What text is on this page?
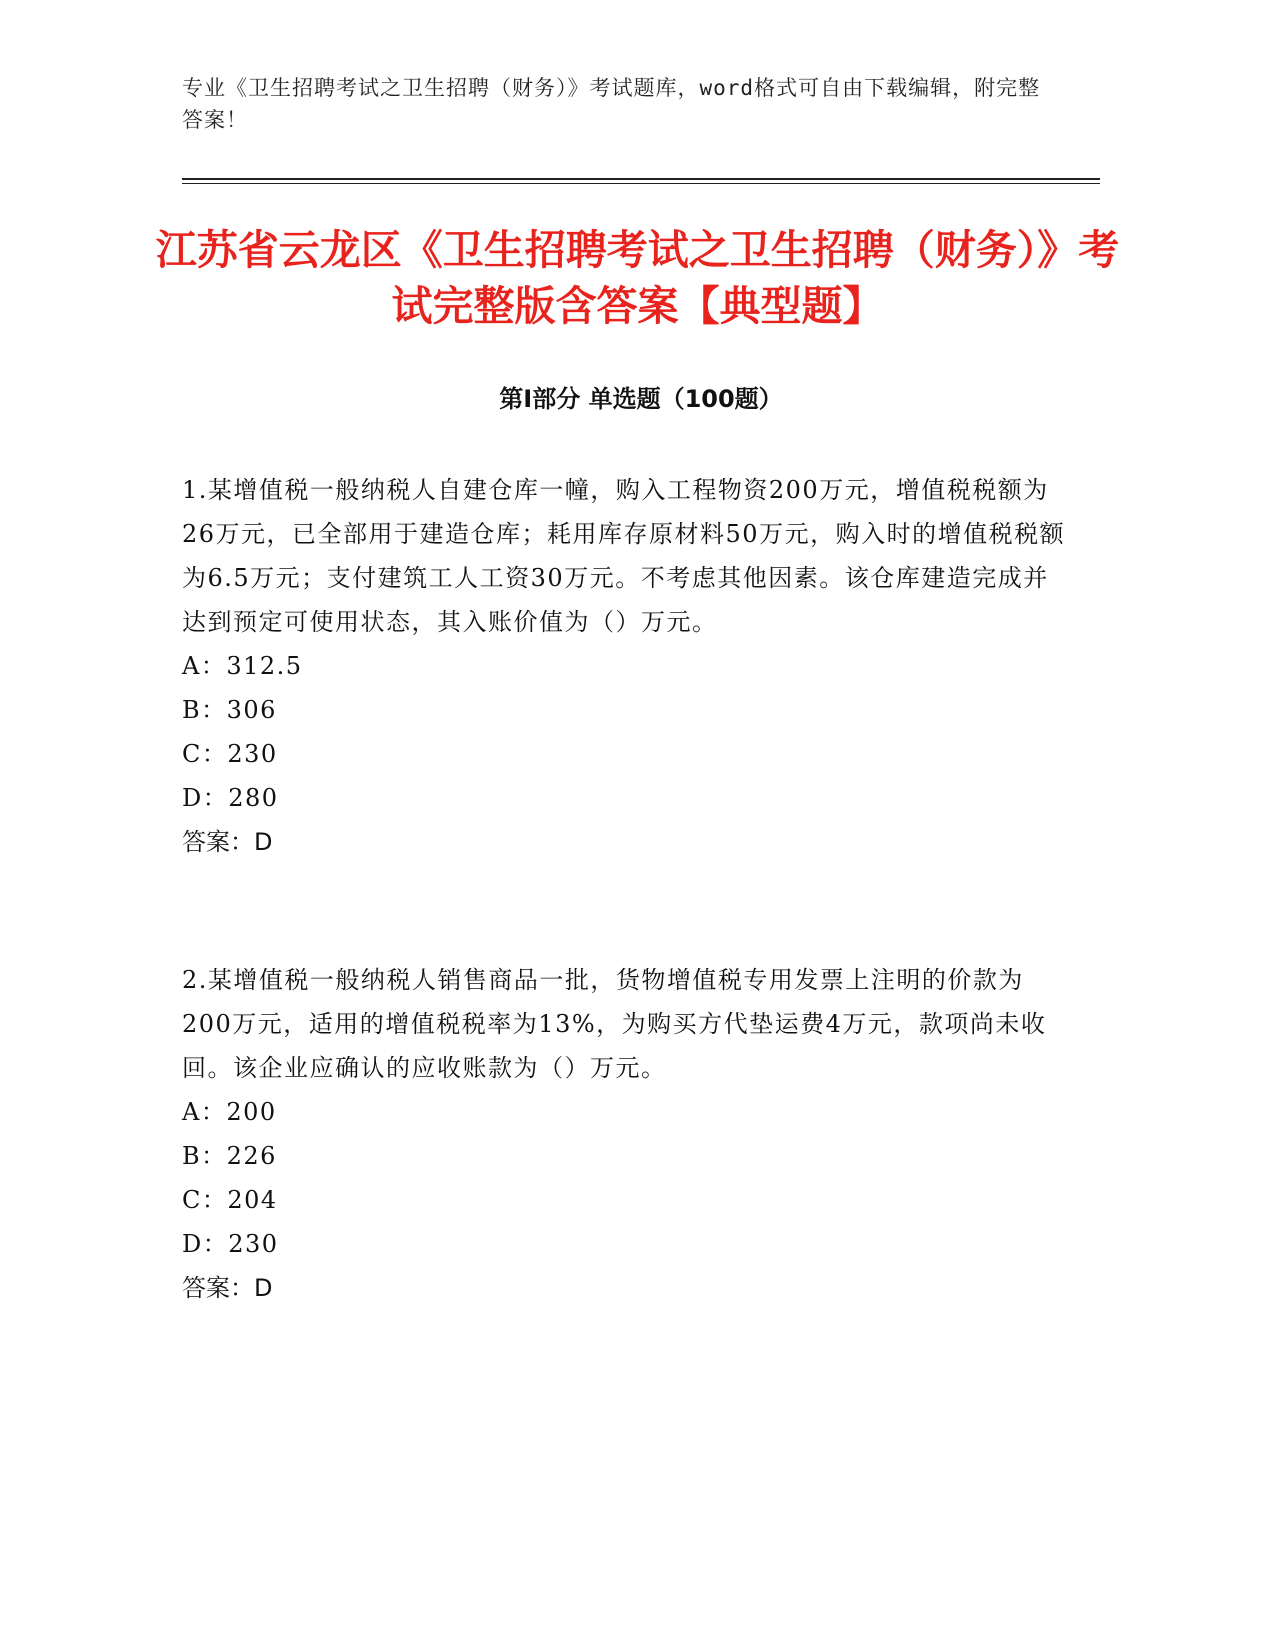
专业《卫生招聘考试之卫生招聘（财务）》考试题库，word格式可自由下载编辑，附完整答案！
江苏省云龙区《卫生招聘考试之卫生招聘（财务）》考试完整版含答案【典型题】
第Ⅰ部分 单选题（100题）
1.某增值税一般纳税人自建仓库一幢，购入工程物资200万元，增值税税额为26万元，已全部用于建造仓库；耗用库存原材料50万元，购入时的增值税税额为6.5万元；支付建筑工人工资30万元。不考虑其他因素。该仓库建造完成并达到预定可使用状态，其入账价值为（）万元。
A：312.5
B：306
C：230
D：280
答案：D
2.某增值税一般纳税人销售商品一批，货物增值税专用发票上注明的价款为200万元，适用的增值税税率为13%，为购买方代垫运费4万元，款项尚未收回。该企业应确认的应收账款为（）万元。
A：200
B：226
C：204
D：230
答案：D
